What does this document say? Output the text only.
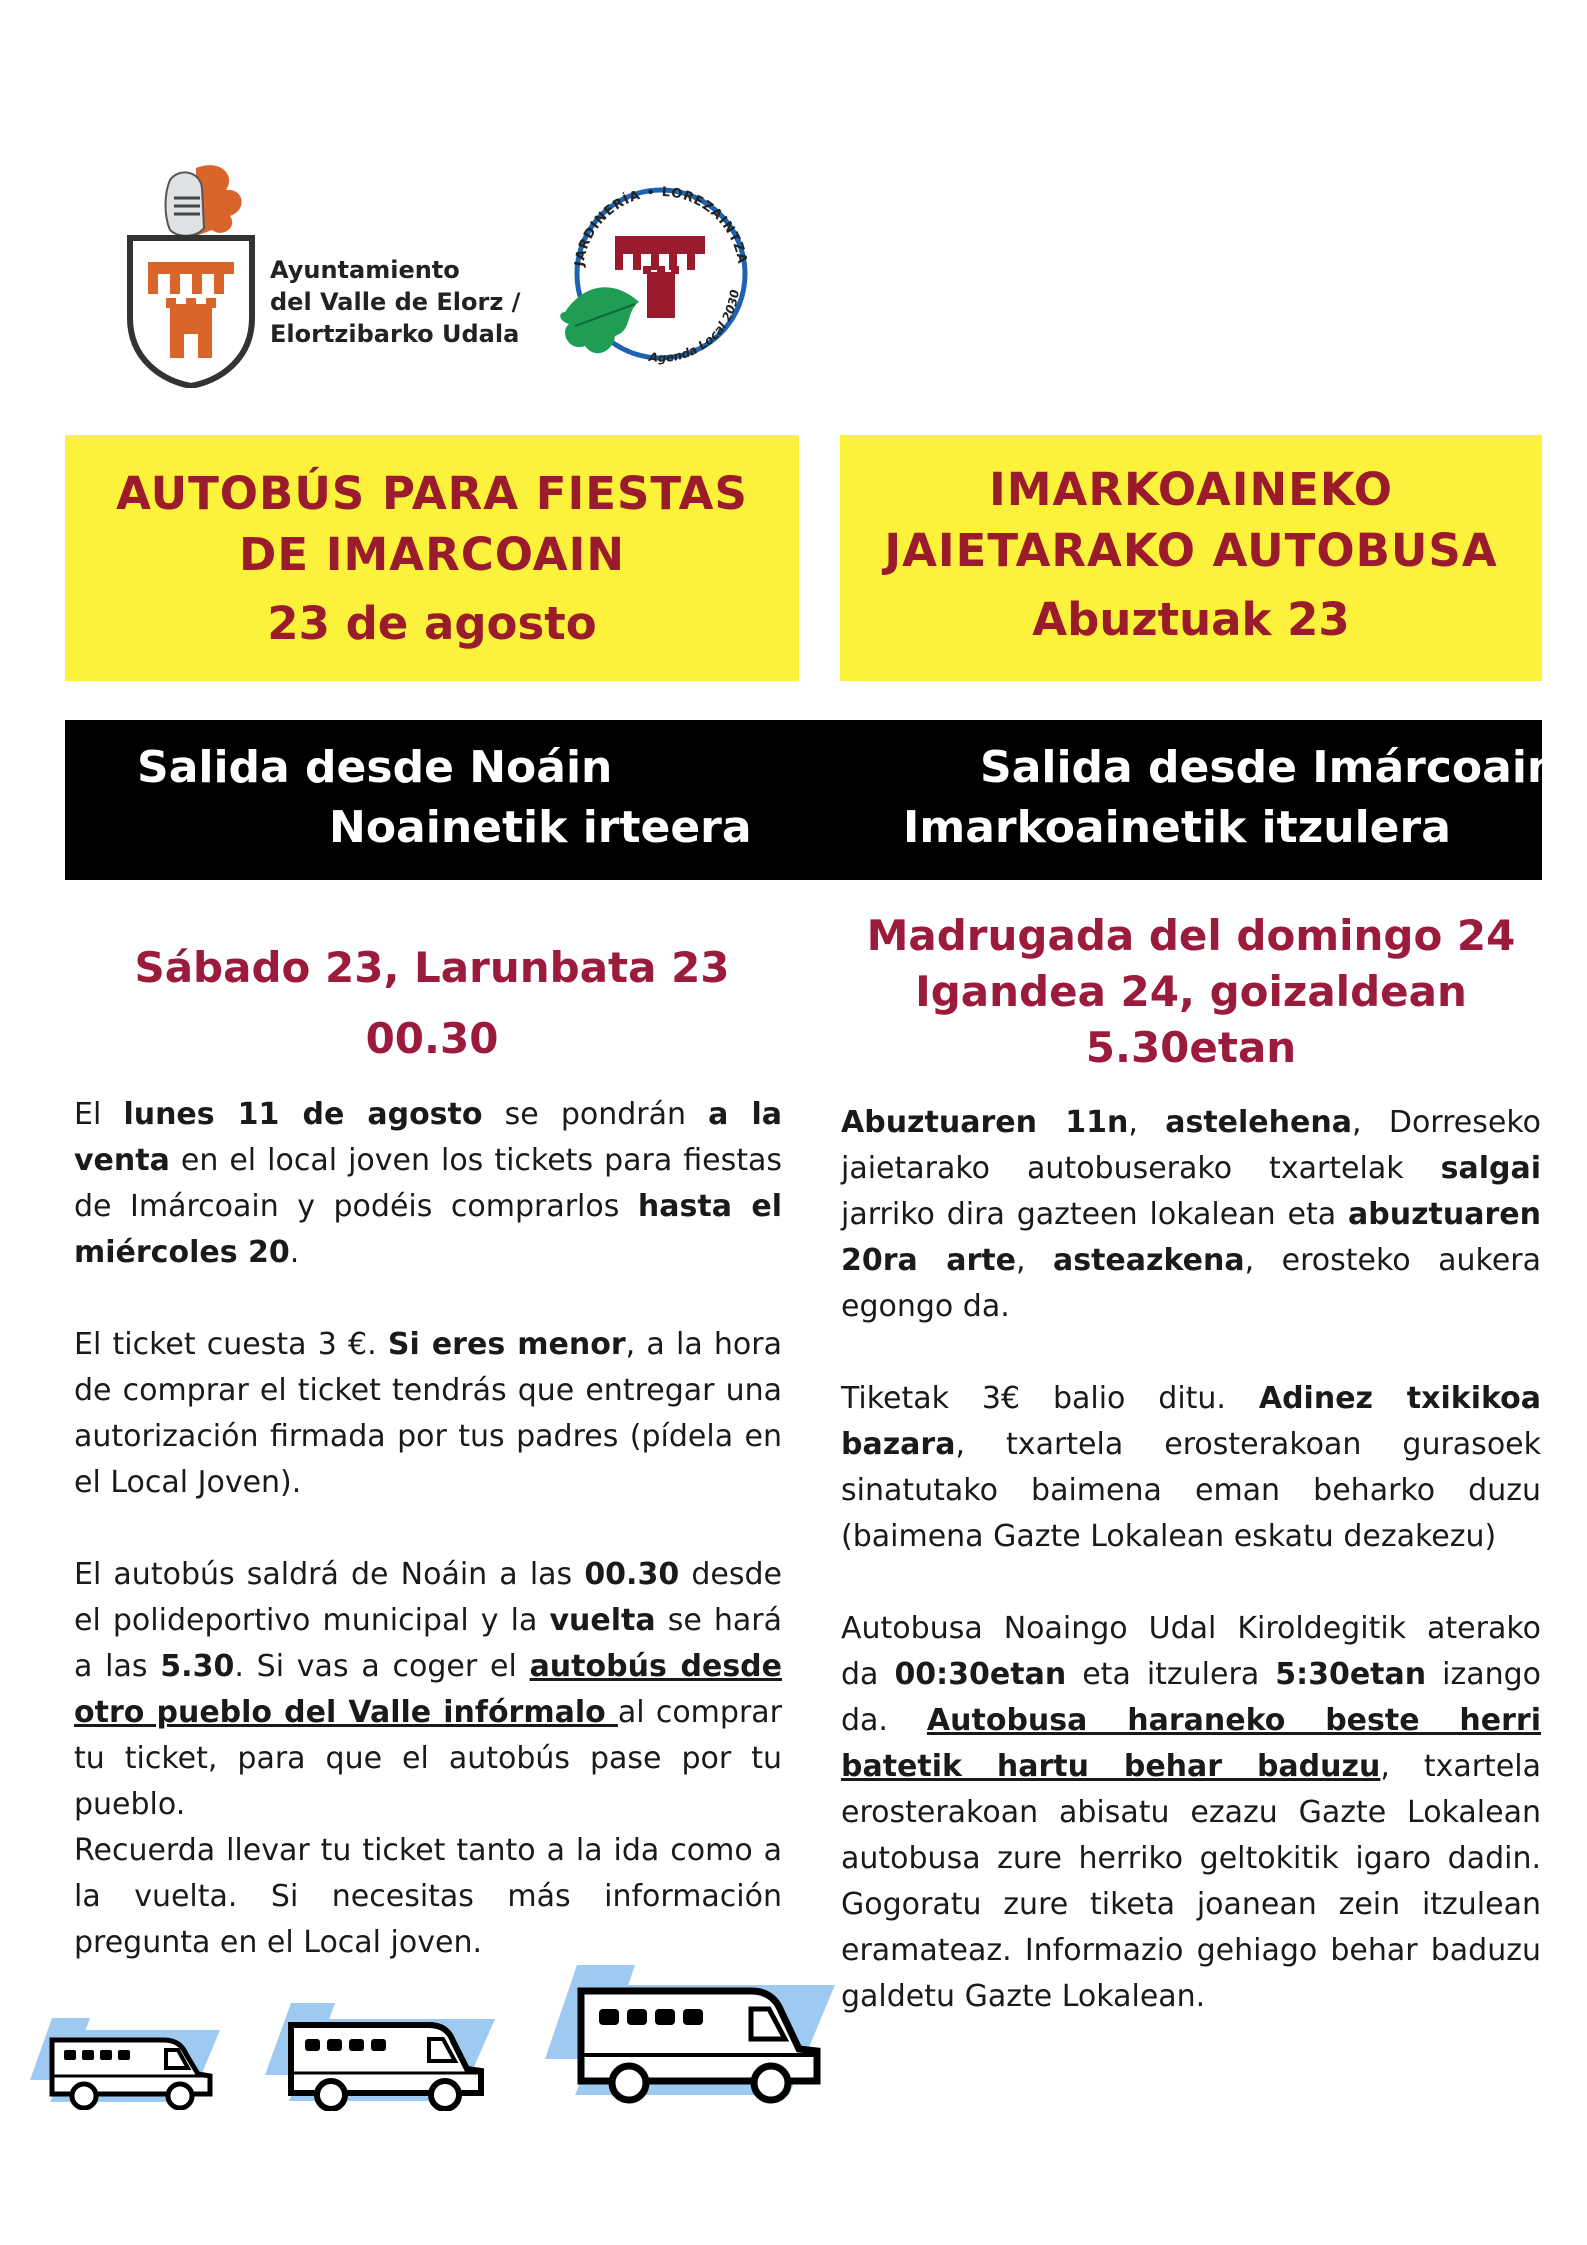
Ayuntamiento
del Valle de Elorz /
Elortzibarko Udala
JARDINERÍA • LOREZAINTZA
Agenda Local 2030
AUTOBÚS PARA FIESTAS
DE IMARCOAIN
23 de agosto
IMARKOAINEKO
JAIETARAKO AUTOBUSA
Abuztuak 23
Salida desde Noáin
Noainetik irteera
Salida desde Imárcoain
Imarkoainetik itzulera
Sábado 23, Larunbata 23
00.30
Madrugada del domingo 24
Igandea 24, goizaldean
5.30etan

El lunes 11 de agosto se pondrán a la venta en el local joven los tickets para fiestas de Imárcoain y podéis comprarlos hasta el miércoles 20.

El ticket cuesta 3 €. Si eres menor, a la hora de comprar el ticket tendrás que entregar una autorización firmada por tus padres (pídela en el Local Joven).

El autobús saldrá de Noáin a las 00.30 desde el polideportivo municipal y la vuelta se hará a las 5.30. Si vas a coger el autobús desde otro pueblo del Valle infórmalo al comprar tu ticket, para que el autobús pase por tu pueblo.

Recuerda llevar tu ticket tanto a la ida como a la vuelta. Si necesitas más información pregunta en el Local joven.

Abuztuaren 11n, astelehena, Dorreseko jaietarako autobuserako txartelak salgai jarriko dira gazteen lokalean eta abuztuaren 20ra arte, asteazkena, erosteko aukera egongo da.

Tiketak 3€ balio ditu. Adinez txikikoa bazara, txartela erosterakoan gurasoek sinatutako baimena eman beharko duzu (baimena Gazte Lokalean eskatu dezakezu)

Autobusa Noaingo Udal Kiroldegitik aterako da 00:30etan eta itzulera 5:30etan izango da. Autobusa haraneko beste herri batetik hartu behar baduzu, txartela erosterakoan abisatu ezazu Gazte Lokalean autobusa zure herriko geltokitik igaro dadin. Gogoratu zure tiketa joanean zein itzulean eramateaz. Informazio gehiago behar baduzu galdetu Gazte Lokalean.
